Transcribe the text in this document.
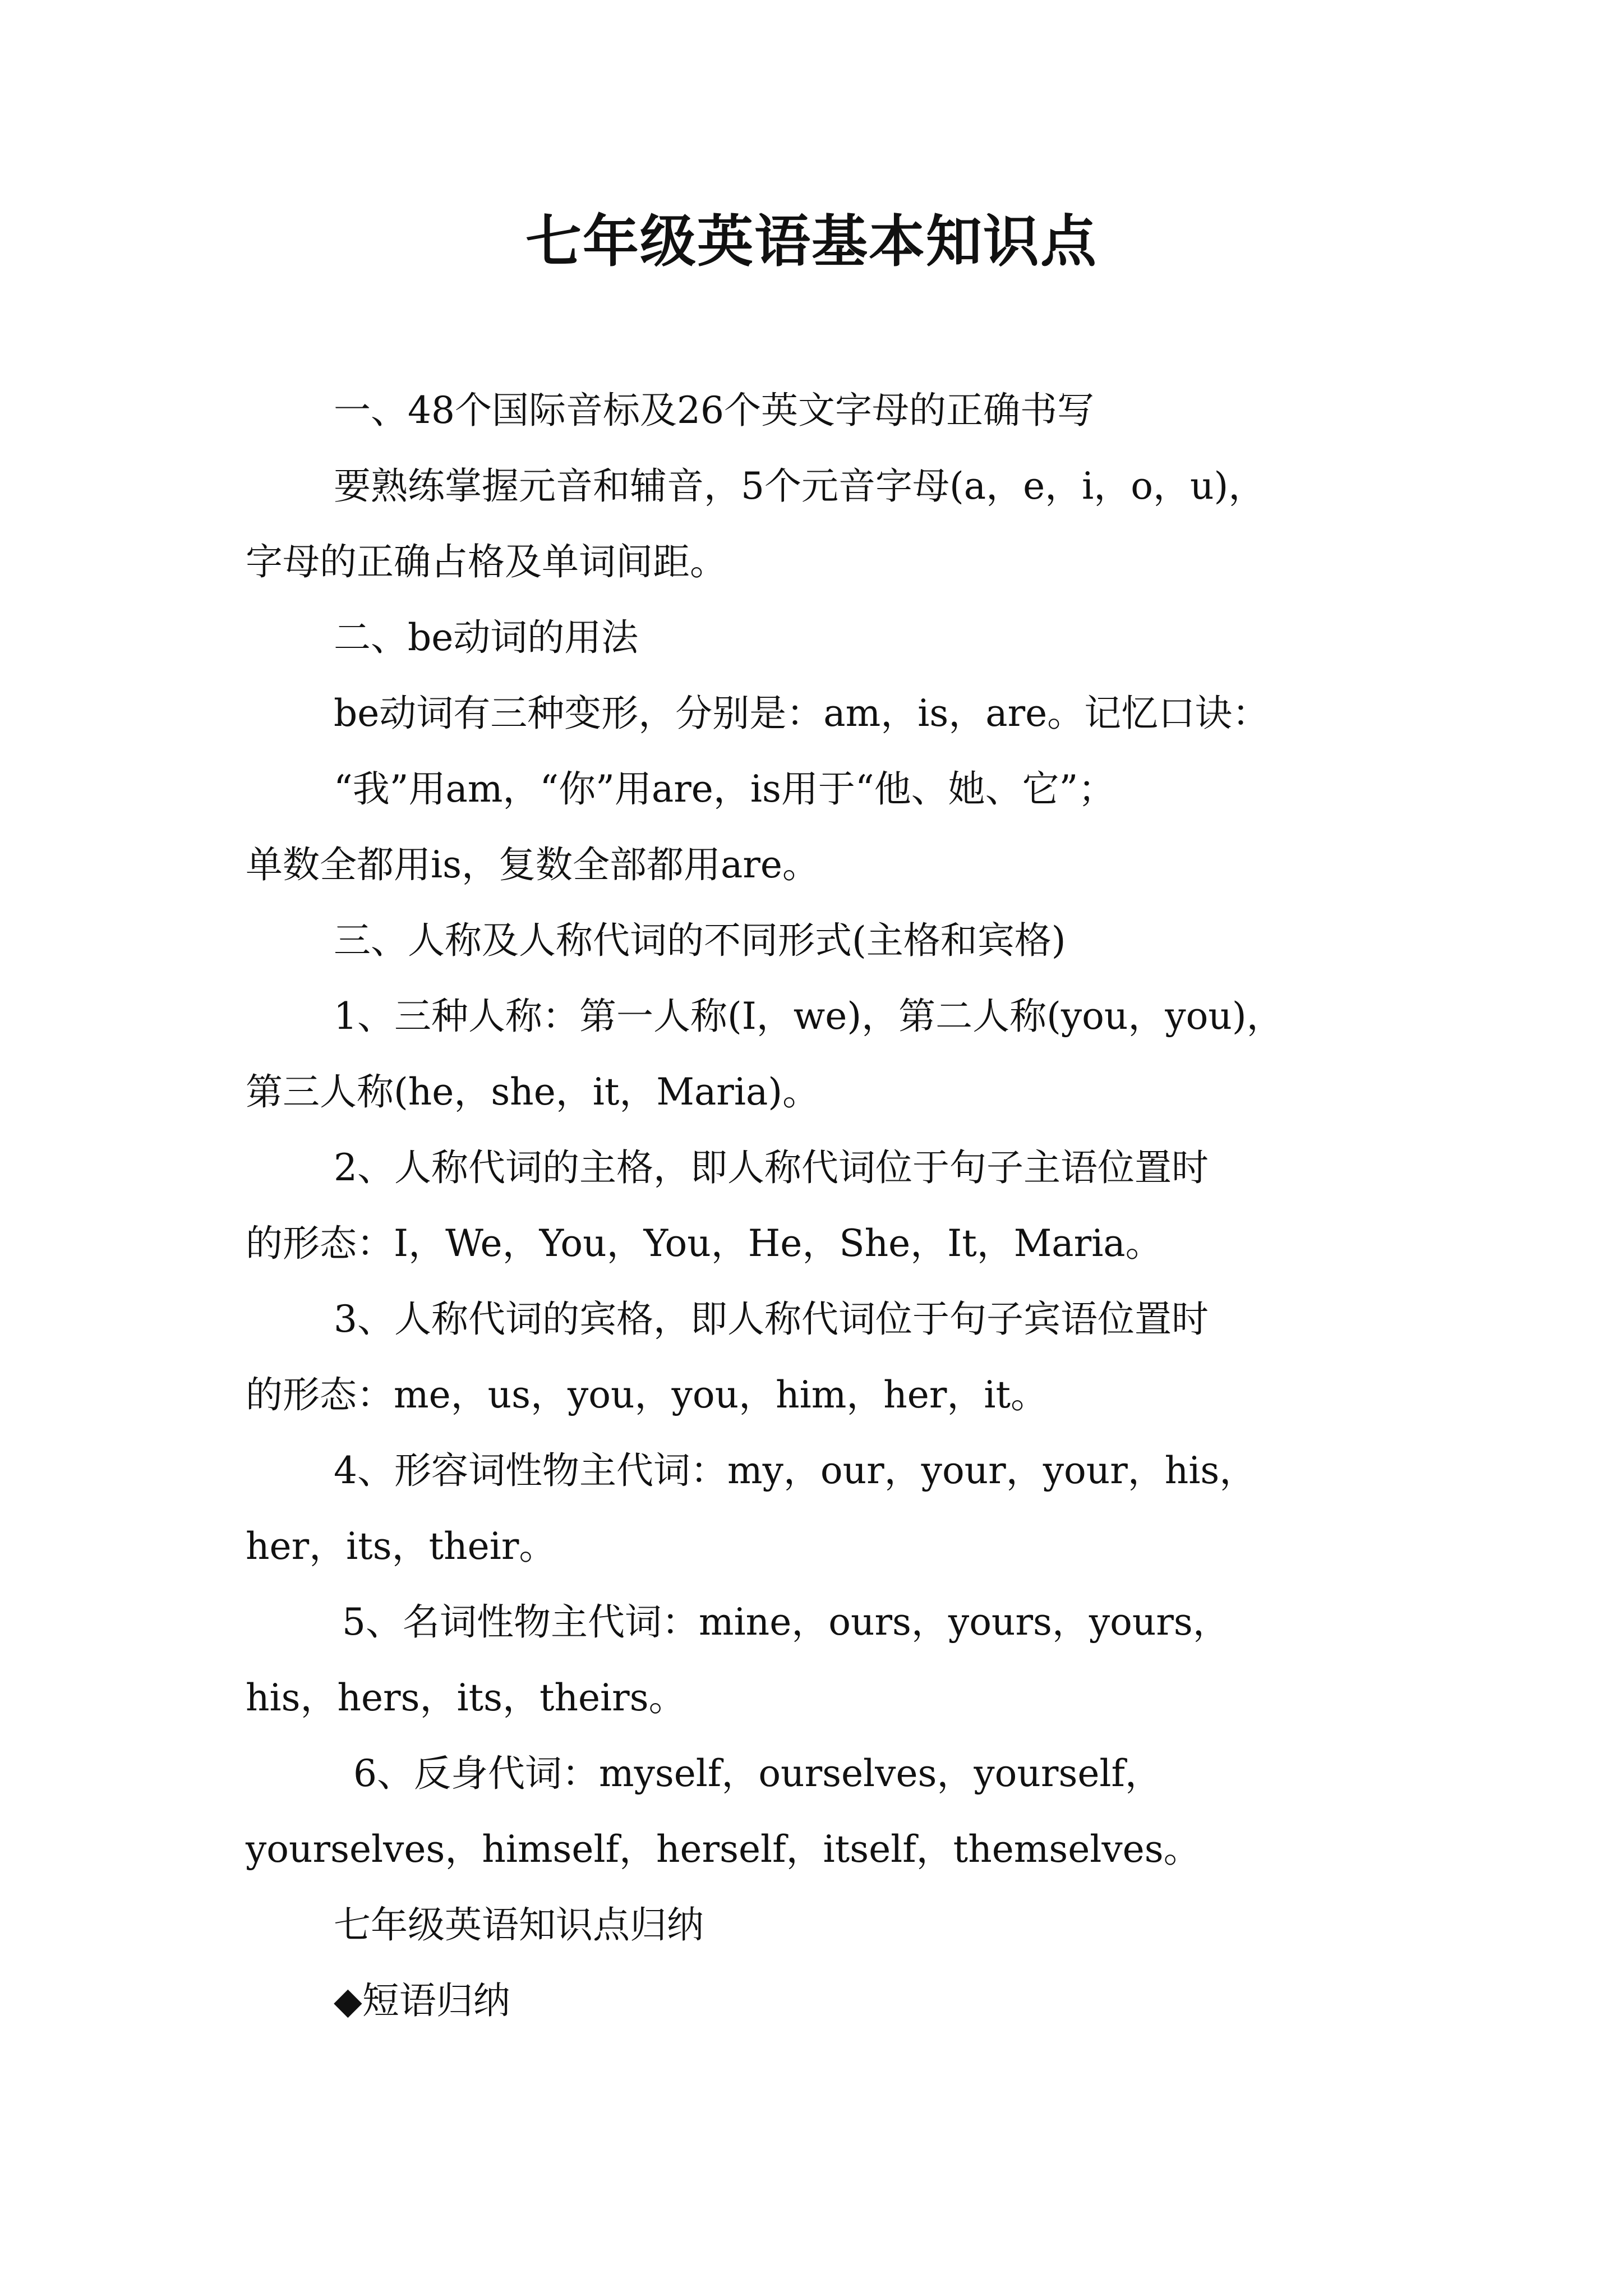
七年级英语基本知识点
一、48个国际音标及26个英文字母的正确书写
要熟练掌握元音和辅音，5个元音字母(a，e，i，o，u)，
字母的正确占格及单词间距。
二、be动词的用法
be动词有三种变形，分别是：am，is，are。记忆口诀：
“我”用am，“你”用are，is用于“他、她、它”；
单数全都用is，复数全部都用are。
三、人称及人称代词的不同形式(主格和宾格)
1、三种人称：第一人称(I，we)，第二人称(you，you)，
第三人称(he，she，it，Maria)。
2、人称代词的主格，即人称代词位于句子主语位置时
的形态：I，We，You，You，He，She，It，Maria。
3、人称代词的宾格，即人称代词位于句子宾语位置时
的形态：me，us，you，you，him，her，it。
4、形容词性物主代词：my，our，your，your，his，
her，its，their。
5、名词性物主代词：mine，ours，yours，yours，
his，hers，its，theirs。
6、反身代词：myself，ourselves，yourself，
yourselves，himself，herself，itself，themselves。
七年级英语知识点归纳
◆短语归纳
